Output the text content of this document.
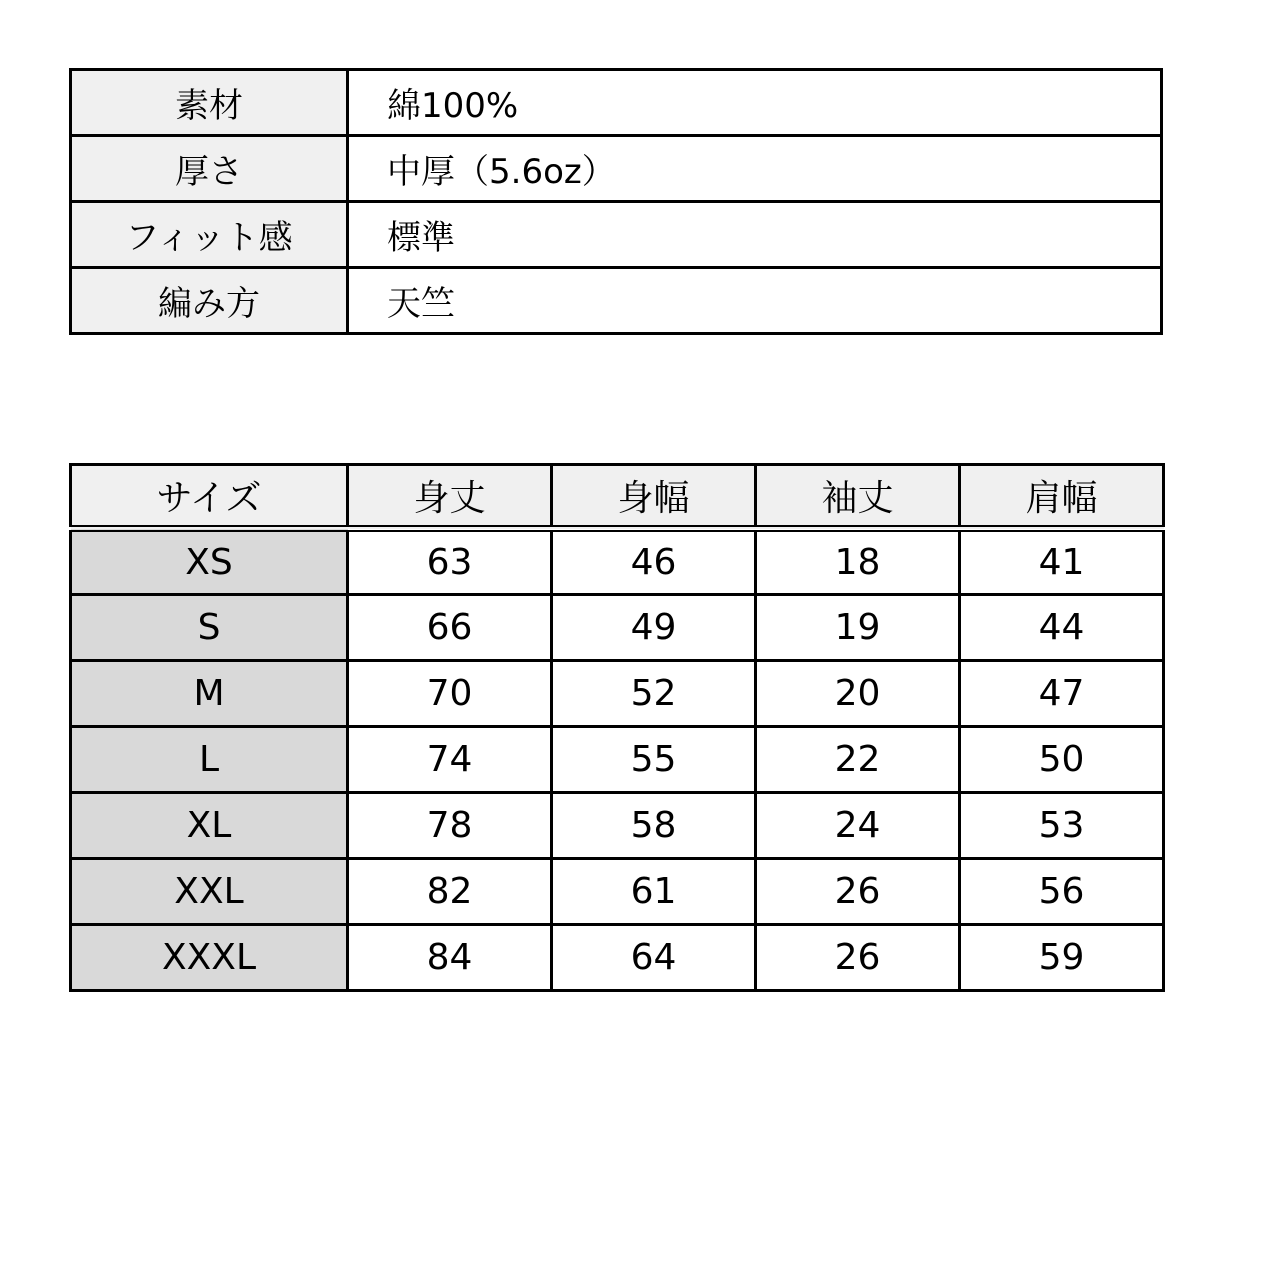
素材	綿100%
厚さ	中厚（5.6oz）
フィット感	標準
編み方	天竺
サイズ	身丈	身幅	袖丈	肩幅
XS	63	46	18	41
S	66	49	19	44
M	70	52	20	47
L	74	55	22	50
XL	78	58	24	53
XXL	82	61	26	56
XXXL	84	64	26	59
